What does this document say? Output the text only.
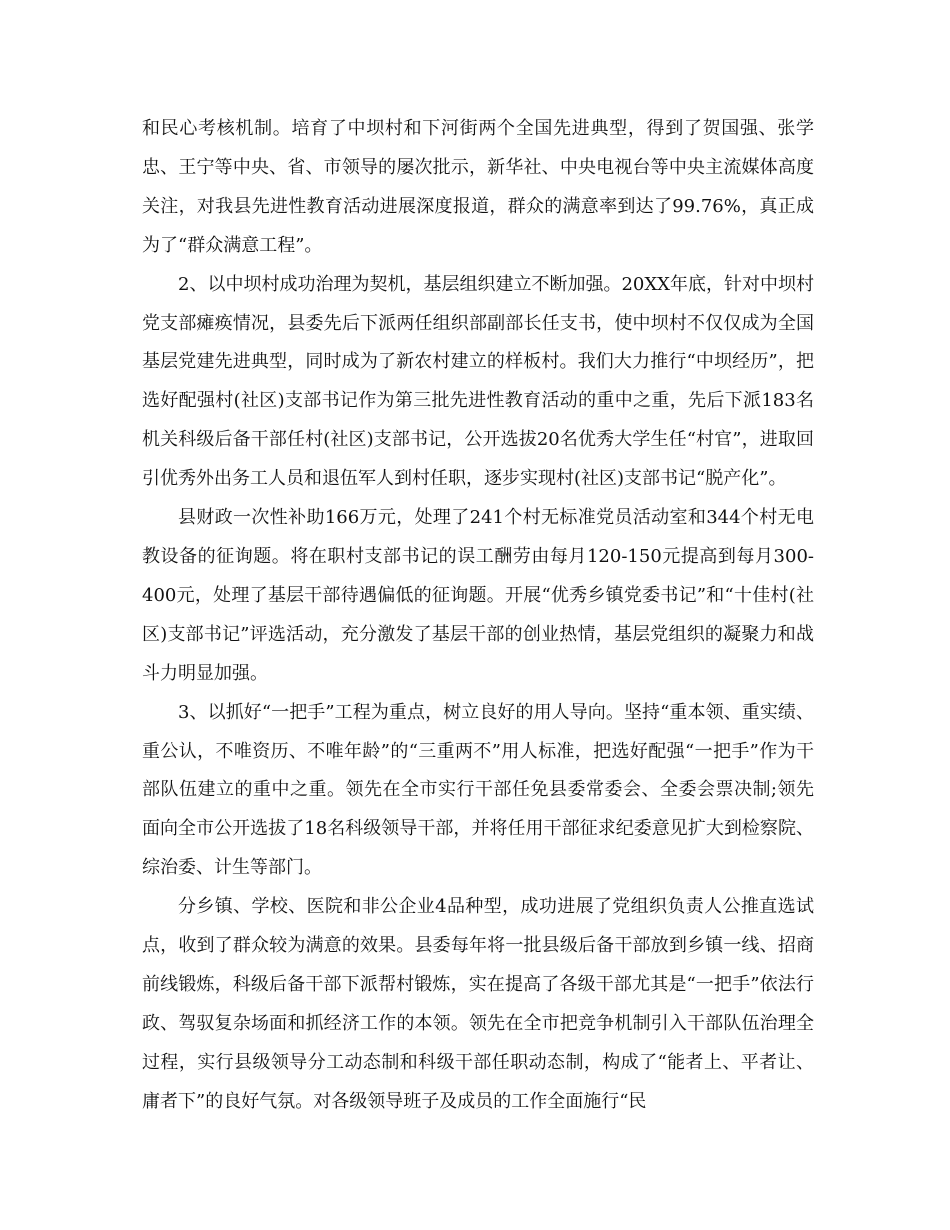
和民心考核机制。培育了中坝村和下河街两个全国先进典型，得到了贺国强、张学忠、王宁等中央、省、市领导的屡次批示，新华社、中央电视台等中央主流媒体高度关注，对我县先进性教育活动进展深度报道，群众的满意率到达了99.76%，真正成为了“群众满意工程”。

2、以中坝村成功治理为契机，基层组织建立不断加强。20XX年底，针对中坝村党支部瘫痪情况，县委先后下派两任组织部副部长任支书，使中坝村不仅仅成为全国基层党建先进典型，同时成为了新农村建立的样板村。我们大力推行“中坝经历”，把选好配强村(社区)支部书记作为第三批先进性教育活动的重中之重，先后下派183名机关科级后备干部任村(社区)支部书记，公开选拔20名优秀大学生任“村官”，进取回引优秀外出务工人员和退伍军人到村任职，逐步实现村(社区)支部书记“脱产化”。

县财政一次性补助166万元，处理了241个村无标准党员活动室和344个村无电教设备的征询题。将在职村支部书记的误工酬劳由每月120-150元提高到每月300-400元，处理了基层干部待遇偏低的征询题。开展“优秀乡镇党委书记”和“十佳村(社区)支部书记”评选活动，充分激发了基层干部的创业热情，基层党组织的凝聚力和战斗力明显加强。

3、以抓好“一把手”工程为重点，树立良好的用人导向。坚持“重本领、重实绩、重公认，不唯资历、不唯年龄”的“三重两不”用人标准，把选好配强“一把手”作为干部队伍建立的重中之重。领先在全市实行干部任免县委常委会、全委会票决制;领先面向全市公开选拔了18名科级领导干部，并将任用干部征求纪委意见扩大到检察院、综治委、计生等部门。

分乡镇、学校、医院和非公企业4品种型，成功进展了党组织负责人公推直选试点，收到了群众较为满意的效果。县委每年将一批县级后备干部放到乡镇一线、招商前线锻炼，科级后备干部下派帮村锻炼，实在提高了各级干部尤其是“一把手”依法行政、驾驭复杂场面和抓经济工作的本领。领先在全市把竞争机制引入干部队伍治理全过程，实行县级领导分工动态制和科级干部任职动态制，构成了“能者上、平者让、庸者下”的良好气氛。对各级领导班子及成员的工作全面施行“民
